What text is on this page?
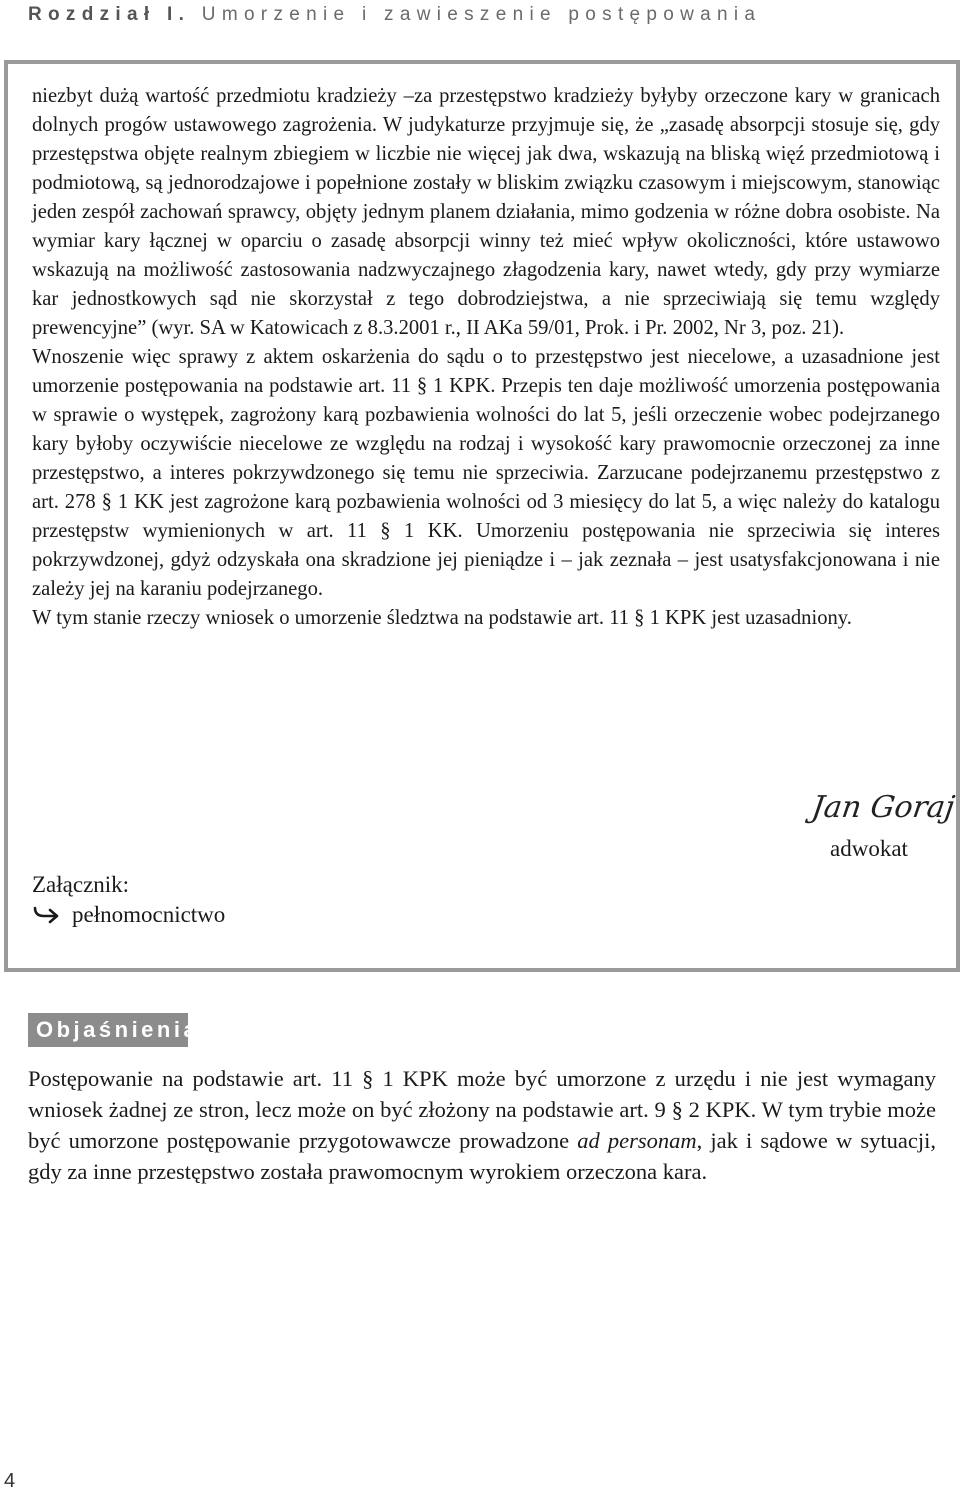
Rozdział I. Umorzenie i zawieszenie postępowania

niezbyt dużą wartość przedmiotu kradzieży –za przestępstwo kradzieży byłyby orzeczone kary w granicach dolnych progów ustawowego zagrożenia. W judykaturze przyjmuje się, że „zasadę absorpcji stosuje się, gdy przestępstwa objęte realnym zbiegiem w liczbie nie więcej jak dwa, wskazują na bliską więź przedmiotową i podmiotową, są jednorodzajowe i popełnione zostały w bliskim związku czasowym i miejscowym, stanowiąc jeden zespół zachowań sprawcy, objęty jednym planem działania, mimo godzenia w różne dobra osobiste. Na wymiar kary łącznej w oparciu o zasadę absorpcji winny też mieć wpływ okoliczności, które ustawowo wskazują na możliwość zastosowania nadzwyczajnego złagodzenia kary, nawet wtedy, gdy przy wymiarze kar jednostkowych sąd nie skorzystał z tego dobrodziejstwa, a nie sprzeciwiają się temu względy prewencyjne” (wyr. SA w Katowicach z 8.3.2001 r., II AKa 59/01, Prok. i Pr. 2002, Nr 3, poz. 21).

Wnoszenie więc sprawy z aktem oskarżenia do sądu o to przestępstwo jest niecelowe, a uzasadnione jest umorzenie postępowania na podstawie art. 11 § 1 KPK. Przepis ten daje możliwość umorzenia postępowania w sprawie o występek, zagrożony karą pozbawienia wolności do lat 5, jeśli orzeczenie wobec podejrzanego kary byłoby oczywiście niecelowe ze względu na rodzaj i wysokość kary prawomocnie orzeczonej za inne przestępstwo, a interes pokrzywdzonego się temu nie sprzeciwia. Zarzucane podejrzanemu przestępstwo z art. 278 § 1 KK jest zagrożone karą pozbawienia wolności od 3 miesięcy do lat 5, a więc należy do katalogu przestępstw wymienionych w art. 11 § 1 KK. Umorzeniu postępowania nie sprzeciwia się interes pokrzywdzonej, gdyż odzyskała ona skradzione jej pieniądze i – jak zeznała – jest usatysfakcjonowana i nie zależy jej na karaniu podejrzanego.

W tym stanie rzeczy wniosek o umorzenie śledztwa na podstawie art. 11 § 1 KPK jest uzasadniony.

Jan Goraj
adwokat
Załącznik:
pełnomocnictwo
Objaśnienia

Postępowanie na podstawie art. 11 § 1 KPK może być umorzone z urzędu i nie jest wymagany wniosek żadnej ze stron, lecz może on być złożony na podstawie art. 9 § 2 KPK. W tym trybie może być umorzone postępowanie przygotowawcze prowadzone ad personam, jak i sądowe w sytuacji, gdy za inne przestępstwo została prawomocnym wyrokiem orzeczona kara.

4
